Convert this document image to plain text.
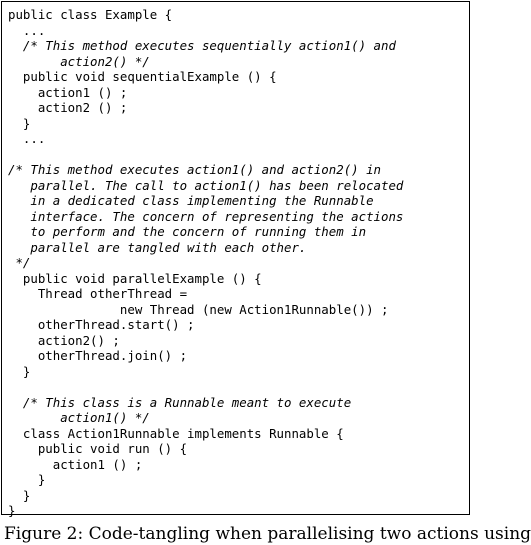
public class Example {
...
/* This method executes sequentially action1() and
action2() */
public void sequentialExample () {
action1 () ;
action2 () ;
}
...
/* This method executes action1() and action2() in
parallel. The call to action1() has been relocated
in a dedicated class implementing the Runnable
interface. The concern of representing the actions
to perform and the concern of running them in
parallel are tangled with each other.
*/
public void parallelExample () {
Thread otherThread =
new Thread (new Action1Runnable()) ;
otherThread.start() ;
action2() ;
otherThread.join() ;
}
/* This class is a Runnable meant to execute
action1() */
class Action1Runnable implements Runnable {
public void run () {
action1 () ;
}
}
}
Figure 2: Code-tangling when parallelising two actions using
